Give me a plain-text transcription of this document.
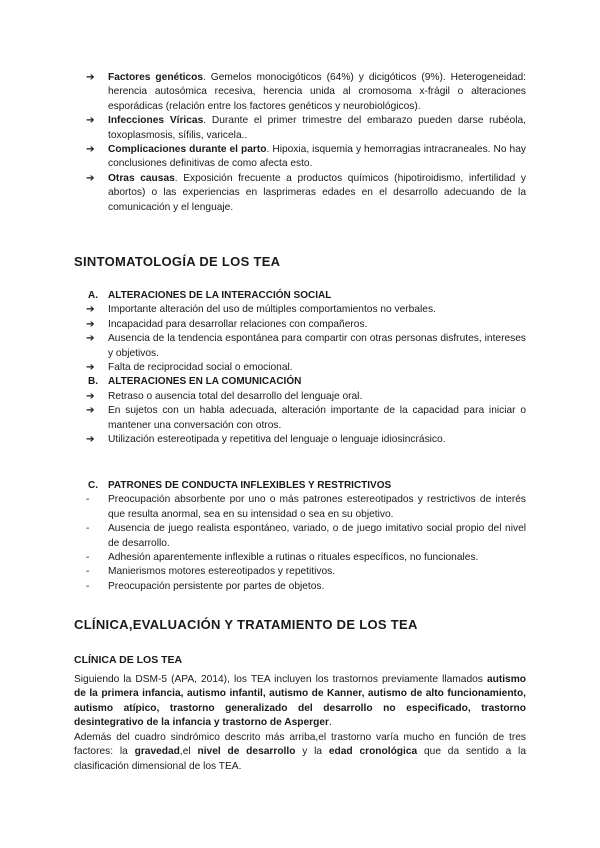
➔	Factores genéticos. Gemelos monocigóticos (64%) y dicigóticos (9%). Heterogeneidad: herencia autosómica recesiva, herencia unida al cromosoma x-frágil o alteraciones esporádicas (relación entre los factores genéticos y neurobiológicos).
➔	Infecciones Víricas. Durante el primer trimestre del embarazo pueden darse rubéola, toxoplasmosis, sífilis, varicela..
➔	Complicaciones durante el parto. Hipoxia, isquemia y hemorragias intracraneales. No hay conclusiones definitivas de como afecta esto.
➔	Otras causas. Exposición frecuente a productos químicos (hipotiroidismo, infertilidad y abortos) o las experiencias en lasprimeras edades en el desarrollo adecuando de la comunicación y el lenguaje.
SINTOMATOLOGÍA DE LOS TEA
A. ALTERACIONES DE LA INTERACCIÓN SOCIAL
➔	Importante alteración del uso de múltiples comportamientos no verbales.
➔	Incapacidad para desarrollar relaciones con compañeros.
➔	Ausencia de la tendencia espontánea para compartir con otras personas disfrutes, intereses y objetivos.
➔	Falta de reciprocidad social o emocional.
B. ALTERACIONES EN LA COMUNICACIÓN
➔	Retraso o ausencia total del desarrollo del lenguaje oral.
➔	En sujetos con un habla adecuada, alteración importante de la capacidad para iniciar o mantener una conversación con otros.
➔	Utilización estereotipada y repetitiva del lenguaje o lenguaje idiosincrásico.
C. PATRONES DE CONDUCTA INFLEXIBLES Y RESTRICTIVOS
-	Preocupación absorbente por uno o más patrones estereotipados y restrictivos de interés que resulta anormal, sea en su intensidad o sea en su objetivo.
-	Ausencia de juego realista espontáneo, variado, o de juego imitativo social propio del nivel de desarrollo.
-	Adhesión aparentemente inflexible a rutinas o rituales específicos, no funcionales.
-	Manierismos motores estereotipados y repetitivos.
-	Preocupación persistente por partes de objetos.
CLÍNICA,EVALUACIÓN Y TRATAMIENTO DE LOS TEA
CLÍNICA DE LOS TEA
Siguiendo la DSM-5 (APA, 2014), los TEA incluyen los trastornos previamente llamados autismo de la primera infancia, autismo infantil, autismo de Kanner, autismo de alto funcionamiento, autismo atípico, trastorno generalizado del desarrollo no especificado, trastorno desintegrativo de la infancia y trastorno de Asperger.
Además del cuadro sindrómico descrito más arriba,el trastorno varía mucho en función de tres factores: la gravedad,el nivel de desarrollo y la edad cronológica que da sentido a la clasificación dimensional de los TEA.
